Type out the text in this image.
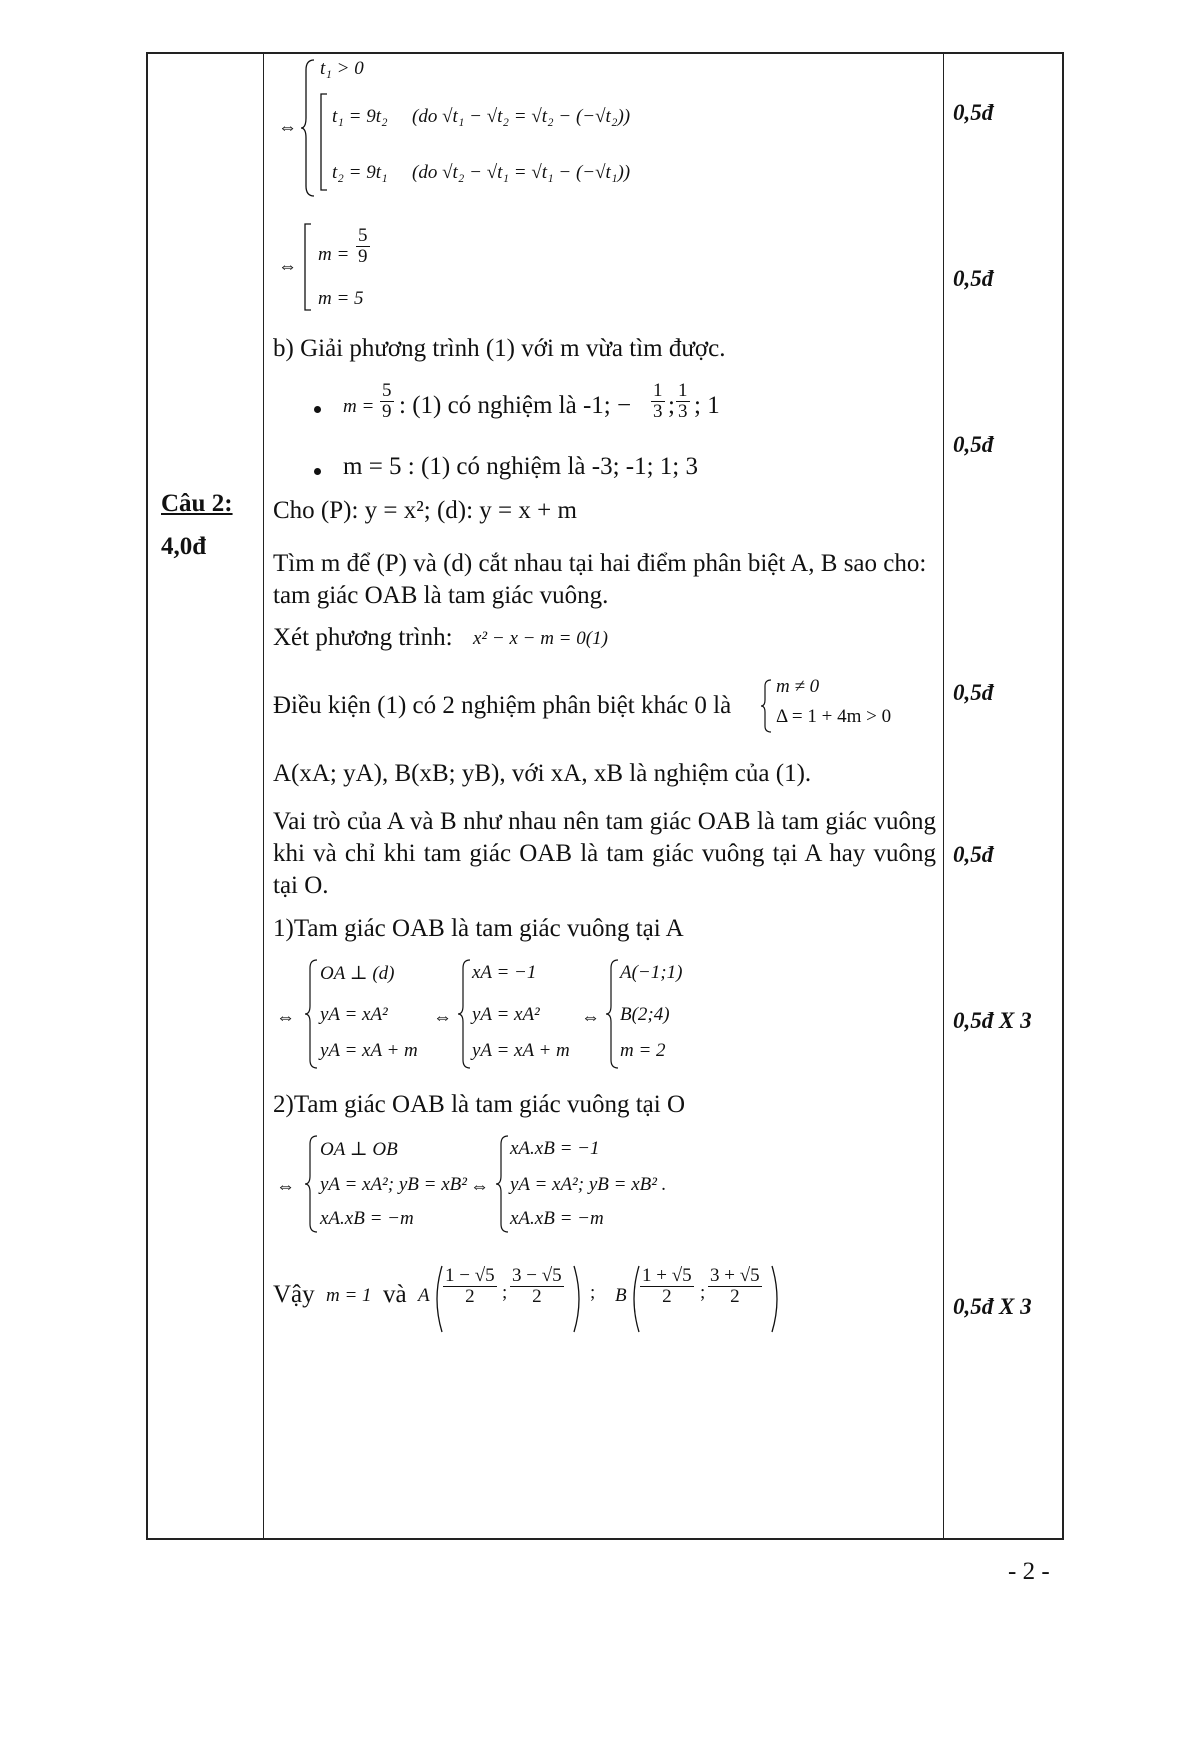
Câu 2:
4,0đ
⇔
t₁ > 0
t₁ = 9t₂ (do √t₁ − √t₂ = √t₂ − (−√t₂))
t₂ = 9t₁ (do √t₂ − √t₁ = √t₁ − (−√t₁))
0,5đ
⇔
$m = \frac{5}{9}$
m = 5
0,5đ
b) Giải phương trình (1) với m vừa tìm được.
$m = \frac{5}{9}$ : (1) có nghiệm là -1; − $\frac{1}{3}$ ; $\frac{1}{3}$ ; 1
m = 5 : (1) có nghiệm là -3; -1; 1; 3
0,5đ
Cho (P): y = x²; (d): y = x + m
Tìm m để (P) và (d) cắt nhau tại hai điểm phân biệt A, B sao cho: tam giác OAB là tam giác vuông.
Xét phương trình: x² − x − m = 0(1)
Điều kiện (1) có 2 nghiệm phân biệt khác 0 là
m ≠ 0
Δ = 1 + 4m > 0
0,5đ
A(xA; yA), B(xB; yB), với xA, xB là nghiệm của (1).
Vai trò của A và B như nhau nên tam giác OAB là tam giác vuông khi và chỉ khi tam giác OAB là tam giác vuông tại A hay vuông tại O.
0,5đ
1)Tam giác OAB là tam giác vuông tại A
⇔
OA ⊥ (d)
yA = xA²
yA = xA + m
⇔
xA = −1
yA = xA²
yA = xA + m
⇔
A(−1;1)
B(2;4)
m = 2
0,5đ X 3
2)Tam giác OAB là tam giác vuông tại O
⇔
OA ⊥ OB
yA = xA²; yB = xB²
xA.xB = −m
⇔
xA.xB = −1
yA = xA²; yB = xB² .
xA.xB = −m
Vậy m = 1 và A $\frac{1 - √5}{2}$ ; $\frac{3 - √5}{2}$ ; B $\frac{1 + √5}{2}$ ; $\frac{3 + √5}{2}$	0,5đ X 3
- 2 -
